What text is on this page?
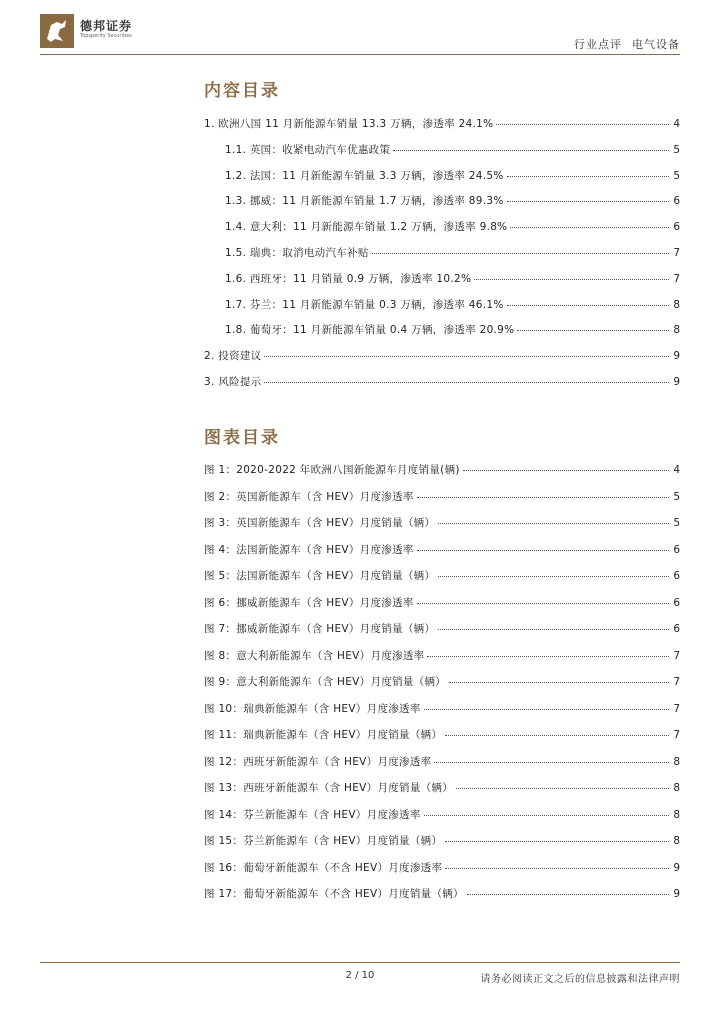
德邦证券
Topsperity Securities
行业点评 电气设备
内容目录
1. 欧洲八国 11 月新能源车销量 13.3 万辆，渗透率 24.1%	4
1.1. 英国：收紧电动汽车优惠政策	5
1.2. 法国：11 月新能源车销量 3.3 万辆，渗透率 24.5%	5
1.3. 挪威：11 月新能源车销量 1.7 万辆，渗透率 89.3%	6
1.4. 意大利：11 月新能源车销量 1.2 万辆，渗透率 9.8%	6
1.5. 瑞典：取消电动汽车补贴	7
1.6. 西班牙：11 月销量 0.9 万辆，渗透率 10.2%	7
1.7. 芬兰：11 月新能源车销量 0.3 万辆，渗透率 46.1%	8
1.8. 葡萄牙：11 月新能源车销量 0.4 万辆，渗透率 20.9%	8
2. 投资建议	9
3. 风险提示	9
图表目录
图 1：2020-2022 年欧洲八国新能源车月度销量(辆)	4
图 2：英国新能源车（含 HEV）月度渗透率	5
图 3：英国新能源车（含 HEV）月度销量（辆）	5
图 4：法国新能源车（含 HEV）月度渗透率	6
图 5：法国新能源车（含 HEV）月度销量（辆）	6
图 6：挪威新能源车（含 HEV）月度渗透率	6
图 7：挪威新能源车（含 HEV）月度销量（辆）	6
图 8：意大利新能源车（含 HEV）月度渗透率	7
图 9：意大利新能源车（含 HEV）月度销量（辆）	7
图 10：瑞典新能源车（含 HEV）月度渗透率	7
图 11：瑞典新能源车（含 HEV）月度销量（辆）	7
图 12：西班牙新能源车（含 HEV）月度渗透率	8
图 13：西班牙新能源车（含 HEV）月度销量（辆）	8
图 14：芬兰新能源车（含 HEV）月度渗透率	8
图 15：芬兰新能源车（含 HEV）月度销量（辆）	8
图 16：葡萄牙新能源车（不含 HEV）月度渗透率	9
图 17：葡萄牙新能源车（不含 HEV）月度销量（辆）	9
2 / 10	请务必阅读正文之后的信息披露和法律声明
